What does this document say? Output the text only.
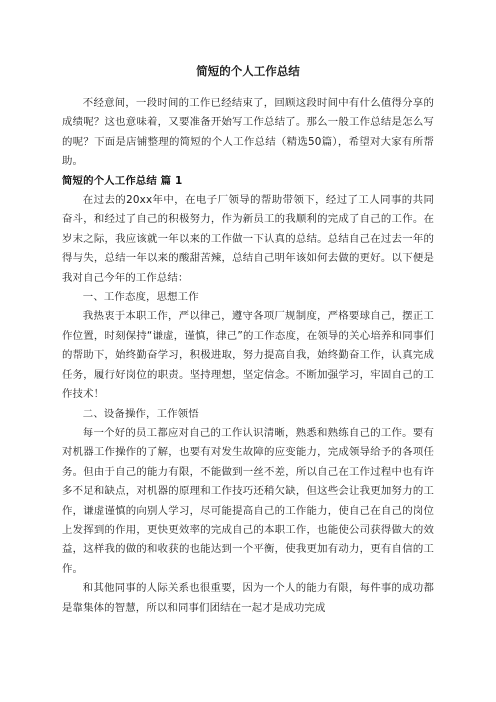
简短的个人工作总结

不经意间，一段时间的工作已经结束了，回顾这段时间中有什么值得分享的成绩呢？这也意味着，又要准备开始写工作总结了。那么一般工作总结是怎么写的呢？下面是店铺整理的简短的个人工作总结（精选50篇），希望对大家有所帮助。

简短的个人工作总结 篇 1

在过去的20xx年中，在电子厂领导的帮助带领下，经过了工人同事的共同奋斗，和经过了自己的积极努力，作为新员工的我顺利的完成了自己的工作。在岁末之际，我应该就一年以来的工作做一下认真的总结。总结自己在过去一年的得与失，总结一年以来的酸甜苦辣，总结自己明年该如何去做的更好。以下便是我对自己今年的工作总结：

一、工作态度，思想工作

我热衷于本职工作，严以律己，遵守各项厂规制度，严格要球自己，摆正工作位置，时刻保持“谦虚，谨慎，律己”的工作态度，在领导的关心培养和同事们的帮助下，始终勤奋学习，积极进取，努力提高自我，始终勤奋工作，认真完成任务，履行好岗位的职责。坚持理想，坚定信念。不断加强学习，牢固自己的工作技术！

二、设备操作，工作领悟

每一个好的员工都应对自己的工作认识清晰，熟悉和熟练自己的工作。要有对机器工作操作的了解，也要有对发生故障的应变能力，完成领导给予的各项任务。但由于自己的能力有限，不能做到一丝不差，所以自己在工作过程中也有许多不足和缺点，对机器的原理和工作技巧还稍欠缺，但这些会让我更加努力的工作，谦虚谨慎的向别人学习，尽可能提高自己的工作能力，使自己在自己的岗位上发挥到的作用，更快更效率的完成自己的本职工作，也能使公司获得做大的效益，这样我的做的和收获的也能达到一个平衡，使我更加有动力，更有自信的工作。

和其他同事的人际关系也很重要，因为一个人的能力有限，每件事的成功都是靠集体的智慧，所以和同事们团结在一起才是成功完成
